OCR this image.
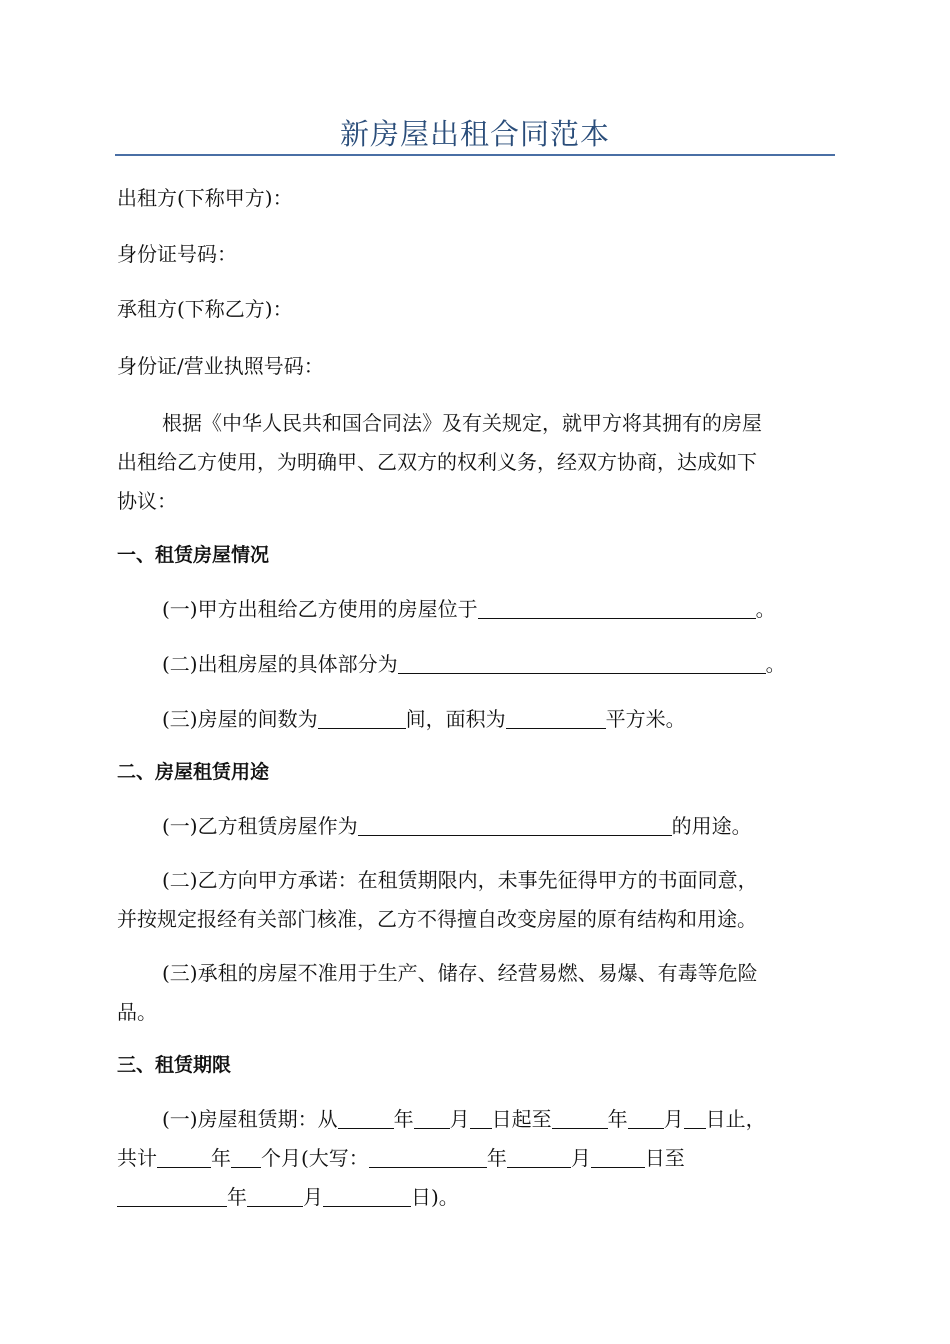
新房屋出租合同范本
出租方(下称甲方)：
身份证号码：
承租方(下称乙方)：
身份证/营业执照号码：
根据《中华人民共和国合同法》及有关规定，就甲方将其拥有的房屋
出租给乙方使用，为明确甲、乙双方的权利义务，经双方协商，达成如下
协议：
一、租赁房屋情况
(一)甲方出租给乙方使用的房屋位于	。
(二)出租房屋的具体部分为	。
(三)房屋的间数为	间，面积为	平方米。
二、房屋租赁用途
(一)乙方租赁房屋作为	的用途。
(二)乙方向甲方承诺：在租赁期限内，未事先征得甲方的书面同意，
并按规定报经有关部门核准，乙方不得擅自改变房屋的原有结构和用途。
(三)承租的房屋不准用于生产、储存、经营易燃、易爆、有毒等危险
品。
三、租赁期限
(一)房屋租赁期：从	年 月 日起至	年 月 日止，
共计	年 个月(大写：	年	月	日至
年	月	日)。
